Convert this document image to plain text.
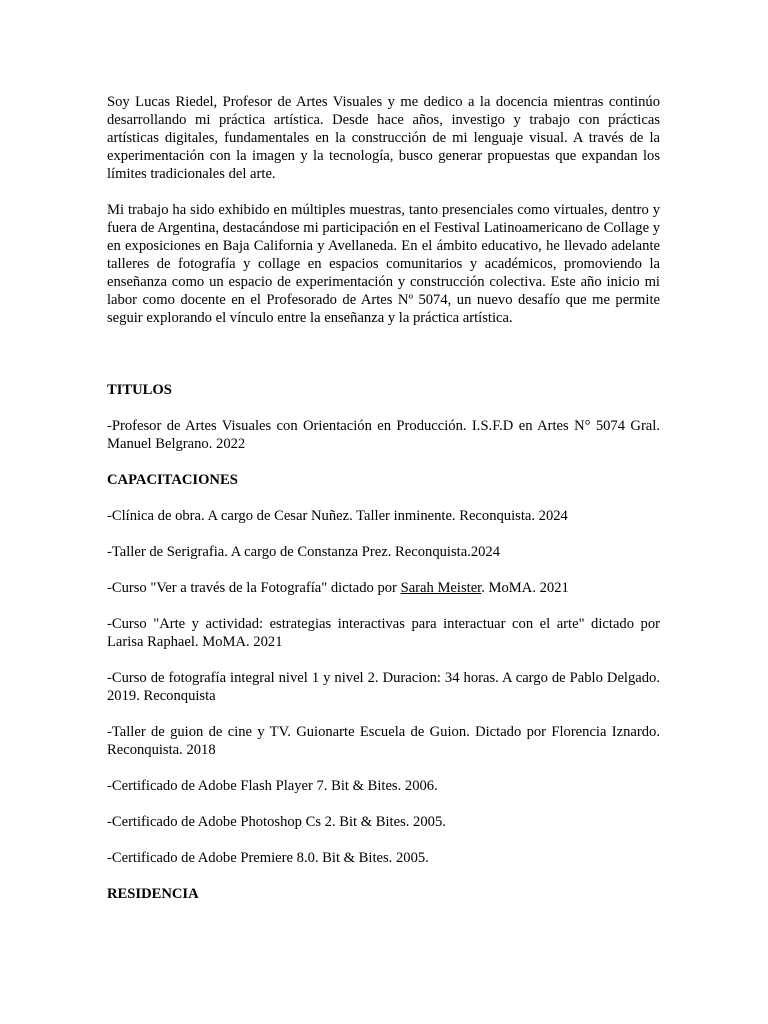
Soy Lucas Riedel, Profesor de Artes Visuales y me dedico a la docencia mientras continúo desarrollando mi práctica artística. Desde hace años, investigo y trabajo con prácticas artísticas digitales, fundamentales en la construcción de mi lenguaje visual. A través de la experimentación con la imagen y la tecnología, busco generar propuestas que expandan los límites tradicionales del arte.

Mi trabajo ha sido exhibido en múltiples muestras, tanto presenciales como virtuales, dentro y fuera de Argentina, destacándose mi participación en el Festival Latinoamericano de Collage y en exposiciones en Baja California y Avellaneda. En el ámbito educativo, he llevado adelante talleres de fotografía y collage en espacios comunitarios y académicos, promoviendo la enseñanza como un espacio de experimentación y construcción colectiva. Este año inicio mi labor como docente en el Profesorado de Artes Nº 5074, un nuevo desafío que me permite seguir explorando el vínculo entre la enseñanza y la práctica artística.

TITULOS

-Profesor de Artes Visuales con Orientación en Producción. I.S.F.D en Artes N° 5074 Gral. Manuel Belgrano. 2022

CAPACITACIONES

-Clínica de obra. A cargo de Cesar Nuñez. Taller inminente. Reconquista. 2024

-Taller de Serigrafia. A cargo de Constanza Prez. Reconquista.2024

-Curso "Ver a través de la Fotografía" dictado por Sarah Meister. MoMA. 2021

-Curso "Arte y actividad: estrategias interactivas para interactuar con el arte" dictado por Larisa Raphael. MoMA. 2021

-Curso de fotografía integral nivel 1 y nivel 2. Duracion: 34 horas. A cargo de Pablo Delgado. 2019. Reconquista

-Taller de guion de cine y TV. Guionarte Escuela de Guion. Dictado por Florencia Iznardo. Reconquista. 2018

-Certificado de Adobe Flash Player 7. Bit & Bites. 2006.

-Certificado de Adobe Photoshop Cs 2. Bit & Bites. 2005.

-Certificado de Adobe Premiere 8.0. Bit & Bites. 2005.

RESIDENCIA
